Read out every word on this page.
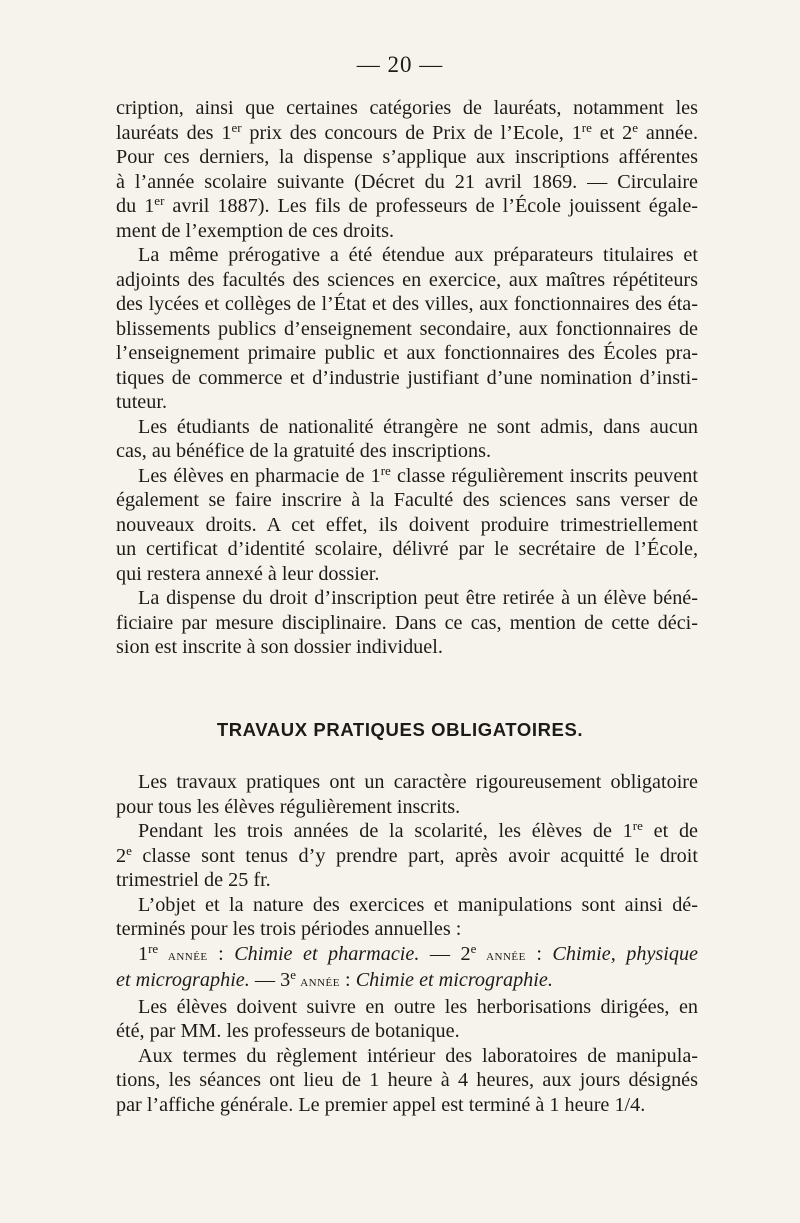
— 20 —
cription, ainsi que certaines catégories de lauréats, notamment les
lauréats des 1er prix des concours de Prix de l’Ecole, 1re et 2e année.
Pour ces derniers, la dispense s’applique aux inscriptions afférentes
à l’année scolaire suivante (Décret du 21 avril 1869. — Circulaire
du 1er avril 1887). Les fils de professeurs de l’École jouissent égale-
ment de l’exemption de ces droits.
La même prérogative a été étendue aux préparateurs titulaires et
adjoints des facultés des sciences en exercice, aux maîtres répétiteurs
des lycées et collèges de l’État et des villes, aux fonctionnaires des éta-
blissements publics d’enseignement secondaire, aux fonctionnaires de
l’enseignement primaire public et aux fonctionnaires des Écoles pra-
tiques de commerce et d’industrie justifiant d’une nomination d’insti-
tuteur.
Les étudiants de nationalité étrangère ne sont admis, dans aucun
cas, au bénéfice de la gratuité des inscriptions.
Les élèves en pharmacie de 1re classe régulièrement inscrits peuvent
également se faire inscrire à la Faculté des sciences sans verser de
nouveaux droits. A cet effet, ils doivent produire trimestriellement
un certificat d’identité scolaire, délivré par le secrétaire de l’École,
qui restera annexé à leur dossier.
La dispense du droit d’inscription peut être retirée à un élève béné-
ficiaire par mesure disciplinaire. Dans ce cas, mention de cette déci-
sion est inscrite à son dossier individuel.
TRAVAUX PRATIQUES OBLIGATOIRES.
Les travaux pratiques ont un caractère rigoureusement obligatoire
pour tous les élèves régulièrement inscrits.
Pendant les trois années de la scolarité, les élèves de 1re et de
2e classe sont tenus d’y prendre part, après avoir acquitté le droit
trimestriel de 25 fr.
L’objet et la nature des exercices et manipulations sont ainsi dé-
terminés pour les trois périodes annuelles :
1re année : Chimie et pharmacie. — 2e année : Chimie, physique
et micrographie. — 3e année : Chimie et micrographie.
Les élèves doivent suivre en outre les herborisations dirigées, en
été, par MM. les professeurs de botanique.
Aux termes du règlement intérieur des laboratoires de manipula-
tions, les séances ont lieu de 1 heure à 4 heures, aux jours désignés
par l’affiche générale. Le premier appel est terminé à 1 heure 1/4.
